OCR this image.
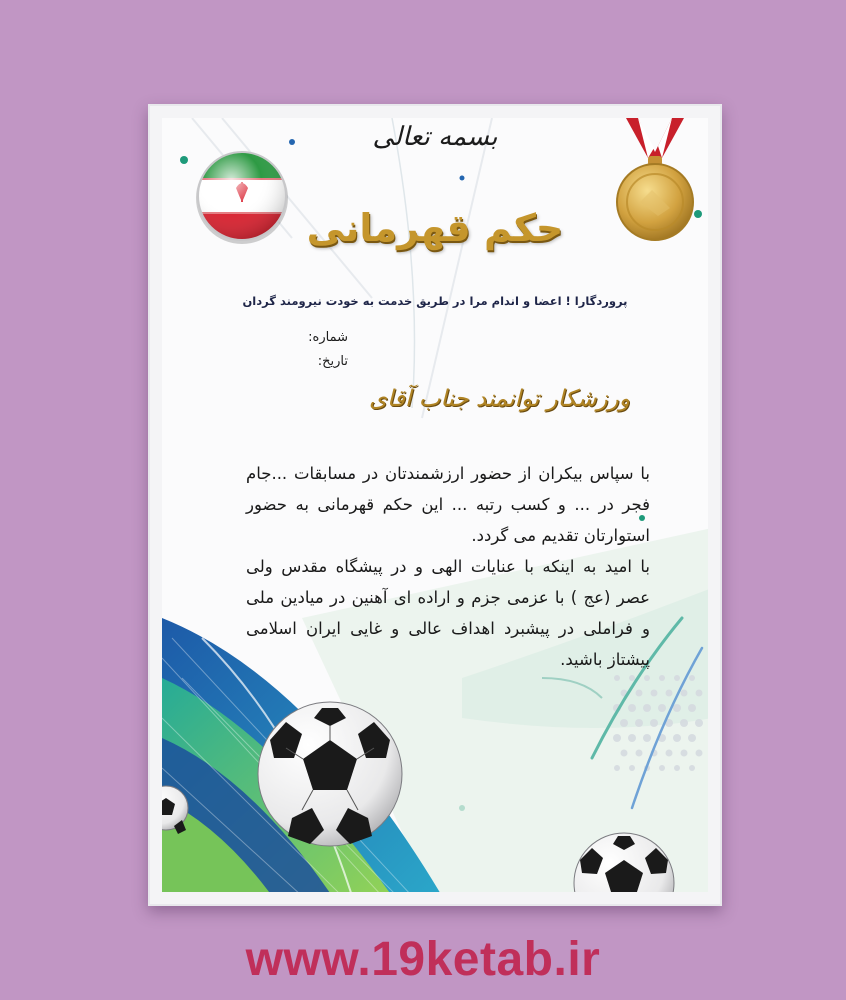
بسمه تعالی
حکم قهرمانی
پروردگارا ! اعضا و اندام مرا در طریق خدمت به خودت نیرومند گردان
شماره:
تاریخ:
ورزشکار توانمند جناب آقای

با سپاس بیکران از حضور ارزشمندتان در مسابقات ...جام فجر در ... و کسب رتبه ... این حکم قهرمانی به حضور استوارتان تقدیم می گردد.

با امید به اینکه با عنایات الهی و در پیشگاه مقدس ولی عصر (عج ) با عزمی جزم و اراده ای آهنین در میادین ملی و فراملی در پیشبرد اهداف عالی و غایی ایران اسلامی پیشتاز باشید.

www.19ketab.ir
